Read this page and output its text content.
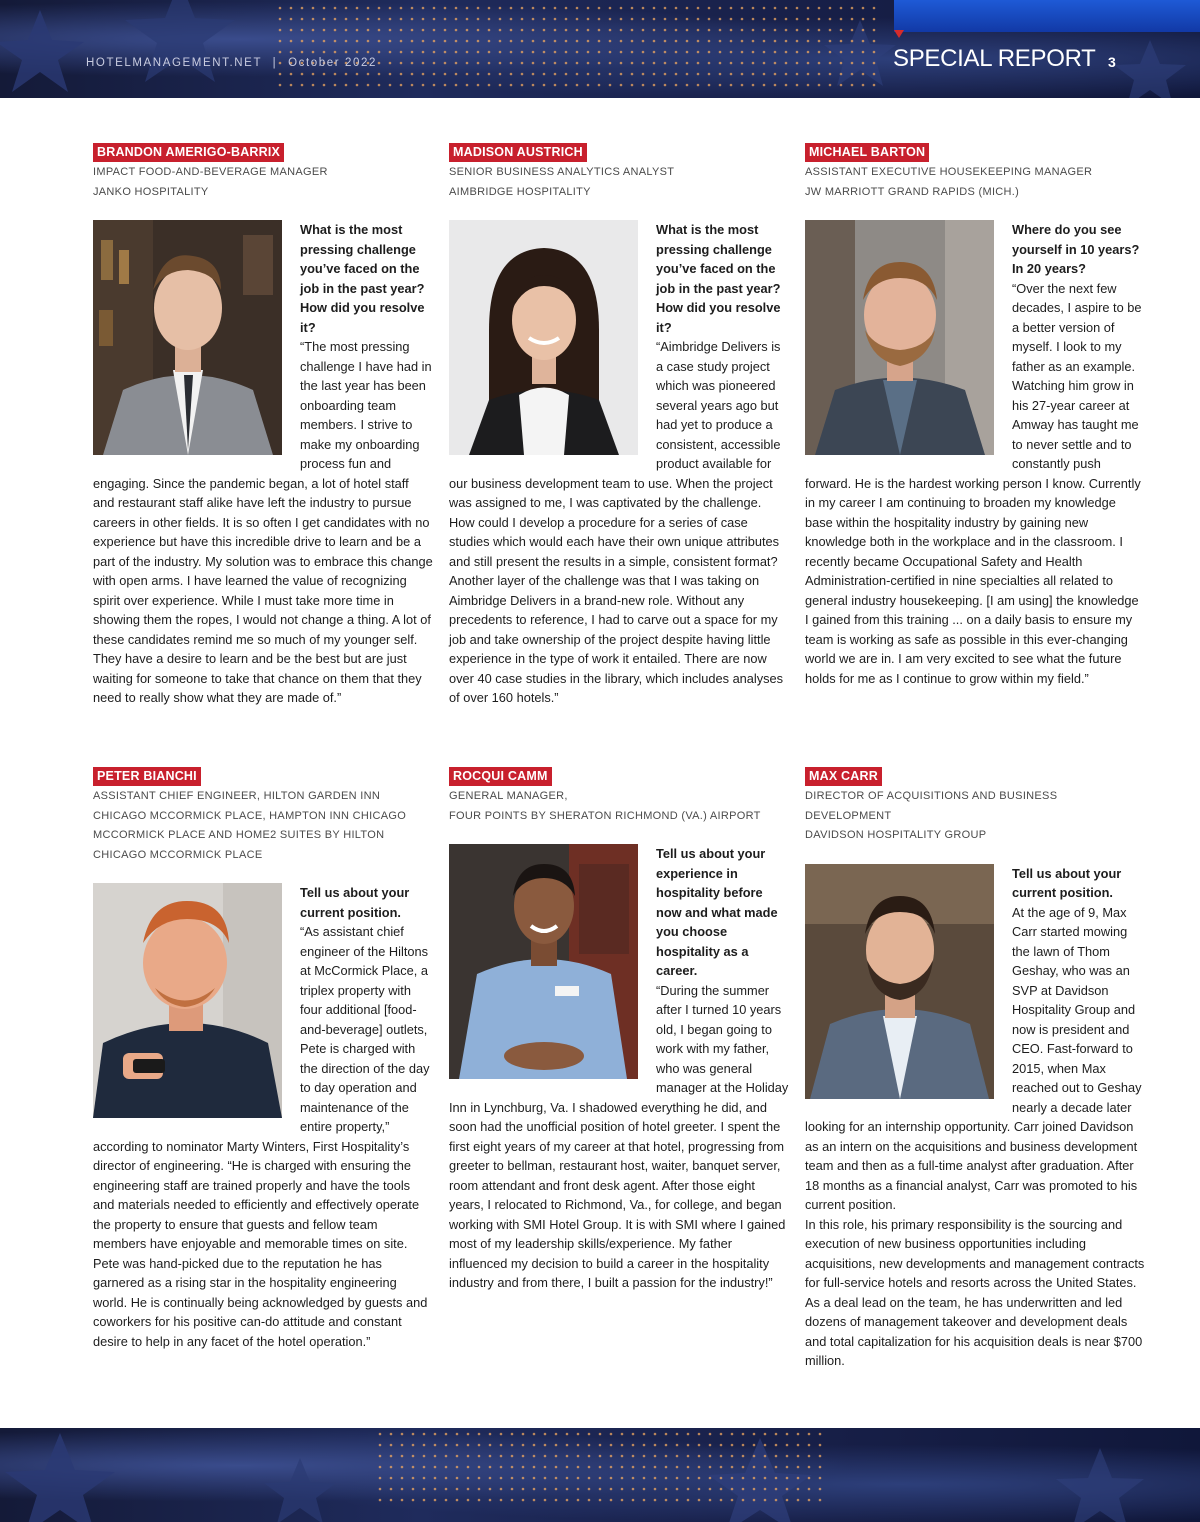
HOTELMANAGEMENT.NET | October 2022	SPECIAL REPORT 3
BRANDON AMERIGO-BARRIX
IMPACT FOOD-AND-BEVERAGE MANAGER
JANKO HOSPITALITY

What is the most pressing challenge you’ve faced on the job in the past year? How did you resolve it?
“The most pressing challenge I have had in the last year has been onboarding team members. I strive to make my onboarding process fun and engaging. Since the pandemic began, a lot of hotel staff and restaurant staff alike have left the industry to pursue careers in other fields. It is so often I get candidates with no experience but have this incredible drive to learn and be a part of the industry. My solution was to embrace this change with open arms. I have learned the value of recognizing spirit over experience. While I must take more time in showing them the ropes, I would not change a thing. A lot of these candidates remind me so much of my younger self. They have a desire to learn and be the best but are just waiting for someone to take that chance on them that they need to really show what they are made of.”

MADISON AUSTRICH
SENIOR BUSINESS ANALYTICS ANALYST
AIMBRIDGE HOSPITALITY

What is the most pressing challenge you’ve faced on the job in the past year? How did you resolve it?
“Aimbridge Delivers is a case study project which was pioneered several years ago but had yet to produce a consistent, accessible product available for our business development team to use. When the project was assigned to me, I was captivated by the challenge. How could I develop a procedure for a series of case studies which would each have their own unique attributes and still present the results in a simple, consistent format? Another layer of the challenge was that I was taking on Aimbridge Delivers in a brand-new role. Without any precedents to reference, I had to carve out a space for my job and take ownership of the project despite having little experience in the type of work it entailed. There are now over 40 case studies in the library, which includes analyses of over 160 hotels.”

MICHAEL BARTON
ASSISTANT EXECUTIVE HOUSEKEEPING MANAGER
JW MARRIOTT GRAND RAPIDS (MICH.)

Where do you see yourself in 10 years? In 20 years?
“Over the next few decades, I aspire to be a better version of myself. I look to my father as an example. Watching him grow in his 27-year career at Amway has taught me to never settle and to constantly push forward. He is the hardest working person I know. Currently in my career I am continuing to broaden my knowledge base within the hospitality industry by gaining new knowledge both in the workplace and in the classroom. I recently became Occupational Safety and Health Administration-certified in nine specialties all related to general industry housekeeping. [I am using] the knowledge I gained from this training ... on a daily basis to ensure my team is working as safe as possible in this ever-changing world we are in. I am very excited to see what the future holds for me as I continue to grow within my field.”

PETER BIANCHI
ASSISTANT CHIEF ENGINEER, HILTON GARDEN INN CHICAGO MCCORMICK PLACE, HAMPTON INN CHICAGO MCCORMICK PLACE AND HOME2 SUITES BY HILTON CHICAGO MCCORMICK PLACE

Tell us about your current position.
“As assistant chief engineer of the Hiltons at McCormick Place, a triplex property with four additional [food-and-beverage] outlets, Pete is charged with the direction of the day to day operation and maintenance of the entire property,” according to nominator Marty Winters, First Hospitality’s director of engineering. “He is charged with ensuring the engineering staff are trained properly and have the tools and materials needed to efficiently and effectively operate the property to ensure that guests and fellow team members have enjoyable and memorable times on site. Pete was hand-picked due to the reputation he has garnered as a rising star in the hospitality engineering world. He is continually being acknowledged by guests and coworkers for his positive can-do attitude and constant desire to help in any facet of the hotel operation.”

ROCQUI CAMM
GENERAL MANAGER,
FOUR POINTS BY SHERATON RICHMOND (VA.) AIRPORT

Tell us about your experience in hospitality before now and what made you choose hospitality as a career.
“During the summer after I turned 10 years old, I began going to work with my father, who was general manager at the Holiday Inn in Lynchburg, Va. I shadowed everything he did, and soon had the unofficial position of hotel greeter. I spent the first eight years of my career at that hotel, progressing from greeter to bellman, restaurant host, waiter, banquet server, room attendant and front desk agent. After those eight years, I relocated to Richmond, Va., for college, and began working with SMI Hotel Group. It is with SMI where I gained most of my leadership skills/experience. My father influenced my decision to build a career in the hospitality industry and from there, I built a passion for the industry!”

MAX CARR
DIRECTOR OF ACQUISITIONS AND BUSINESS DEVELOPMENT
DAVIDSON HOSPITALITY GROUP

Tell us about your current position.
At the age of 9, Max Carr started mowing the lawn of Thom Geshay, who was an SVP at Davidson Hospitality Group and now is president and CEO. Fast-forward to 2015, when Max reached out to Geshay nearly a decade later looking for an internship opportunity. Carr joined Davidson as an intern on the acquisitions and business development team and then as a full-time analyst after graduation. After 18 months as a financial analyst, Carr was promoted to his current position.

In this role, his primary responsibility is the sourcing and execution of new business opportunities including acquisitions, new developments and management contracts for full-service hotels and resorts across the United States. As a deal lead on the team, he has underwritten and led dozens of management takeover and development deals and total capitalization for his acquisition deals is near $700 million.
